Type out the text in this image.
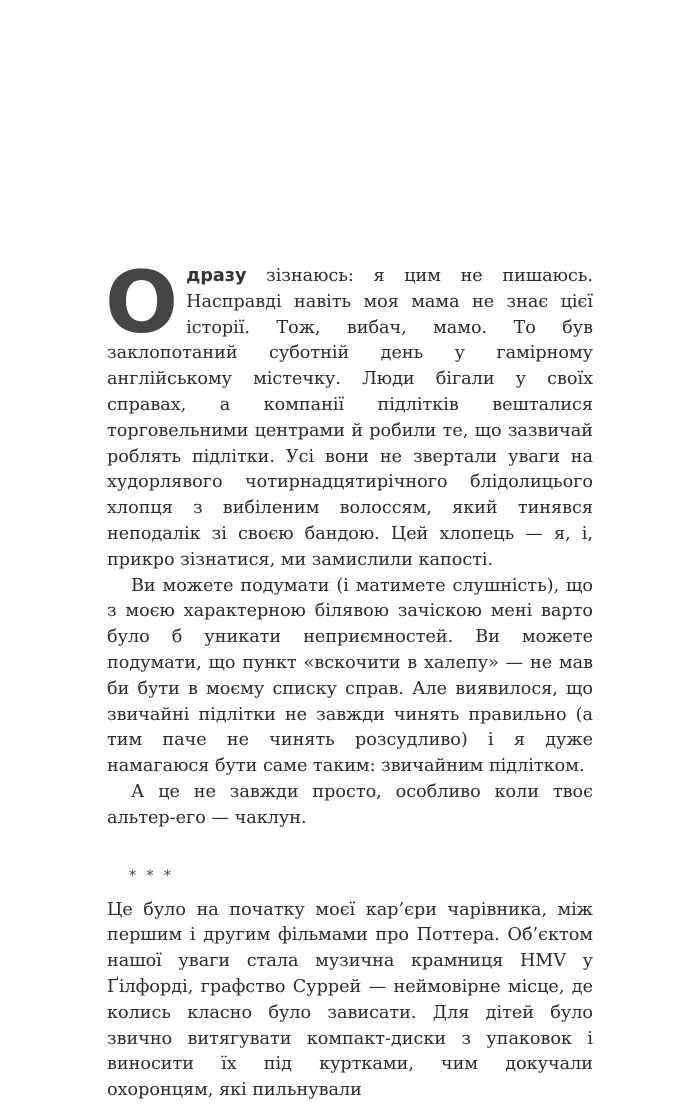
Одразу зізнаюсь: я цим не пишаюсь. Насправді навіть моя мама не знає цієї історії. Тож, вибач, мамо. То був заклопотаний суботній день у гамірному англійському містечку. Люди бігали у своїх справах, а компанії підлітків вешталися торговельними центрами й робили те, що зазвичай роблять підлітки. Усі вони не звертали уваги на худорлявого чотирнадцятирічного блідолицього хлопця з вибіленим волоссям, який тинявся неподалік зі своєю бандою. Цей хлопець — я, і, прикро зізнатися, ми замислили капості.

Ви можете подумати (і матимете слушність), що з моєю характерною білявою зачіскою мені варто було б уникати неприємностей. Ви можете подумати, що пункт «вскочити в халепу» — не мав би бути в моєму списку справ. Але виявилося, що звичайні підлітки не завжди чинять правильно (а тим паче не чинять розсудливо) і я дуже намагаюся бути саме таким: звичайним підлітком.

А це не завжди просто, особливо коли твоє альтер-его — чаклун.

* * *

Це було на початку моєї кар’єри чарівника, між першим і другим фільмами про Поттера. Об’єктом нашої уваги стала музична крамниця HMV у Ґілфорді, графство Суррей — неймовірне місце, де колись класно було зависати. Для дітей було звично витягувати компакт-диски з упаковок і виносити їх під куртками, чим докучали охоронцям, які пильнували
